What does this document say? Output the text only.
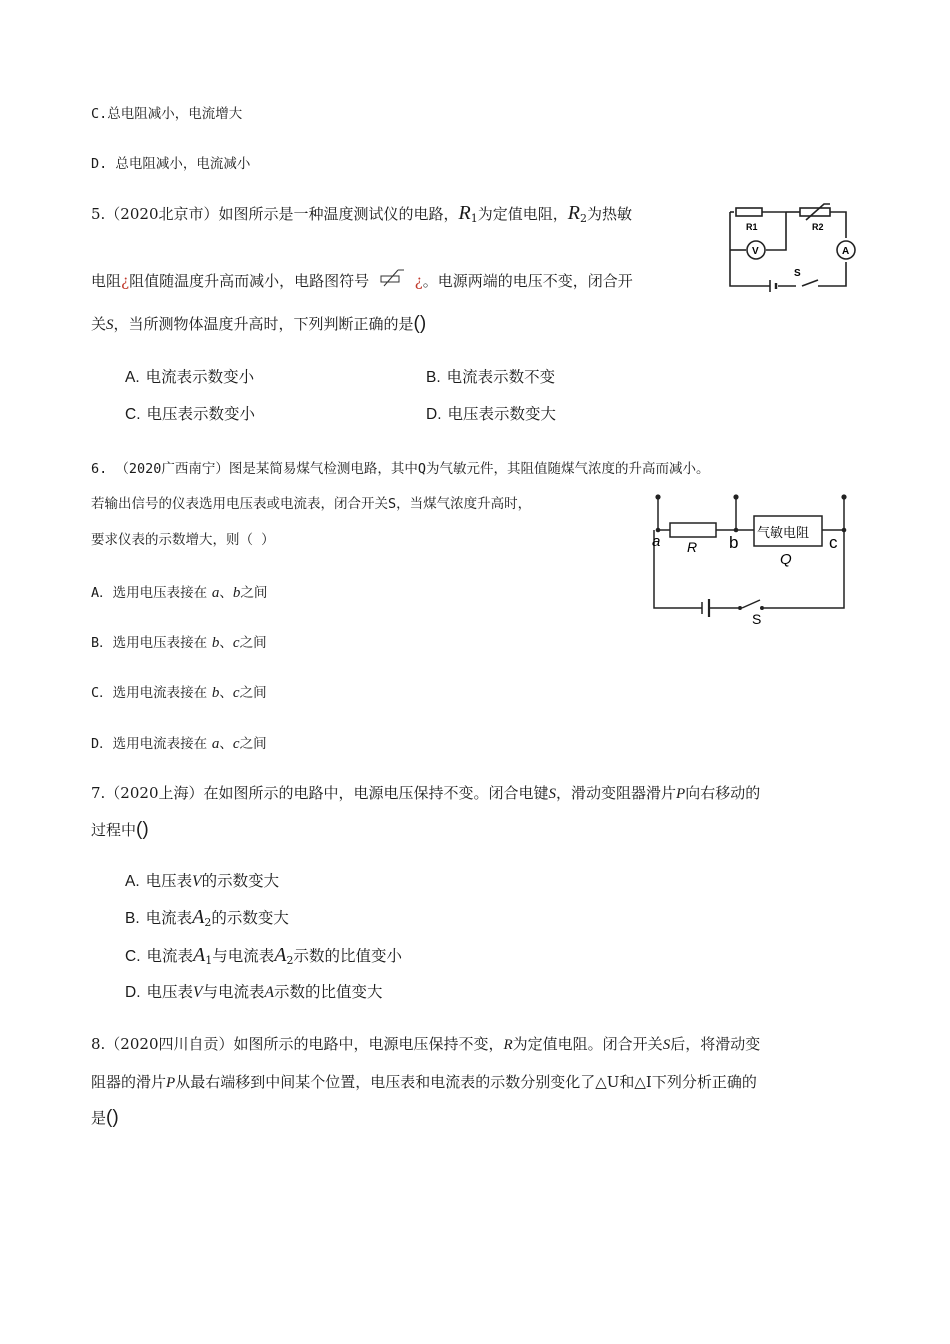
C.总电阻减小，电流增大
D. 总电阻减小，电流减小
5.（2020北京市）如图所示是一种温度测试仪的电路，$R_1$为定值电阻，$R_2$为热敏
电阻¿阻值随温度升高而减小，电路图符号	¿。电源两端的电压不变，闭合开
关S，当所测物体温度升高时，下列判断正确的是()
A. 电流表示数变小	B. 电流表示数不变
C. 电压表示数变小	D. 电压表示数变大
R1	R2
V	A
S
6. （2020广西南宁）图是某简易煤气检测电路，其中Q为气敏元件，其阻值随煤气浓度的升高而减小。
若输出信号的仪表选用电压表或电流表，闭合开关S，当煤气浓度升高时，
要求仪表的示数增大，则（ ）
A．选用电压表接在 a、b之间
B．选用电压表接在 b、c之间
C．选用电流表接在 b、c之间
D．选用电流表接在 a、c之间
a	b	c
R
气敏电阻
Q
S
7.（2020上海）在如图所示的电路中，电源电压保持不变。闭合电键S，滑动变阻器滑片P向右移动的
过程中()
A. 电压表V的示数变大
B. 电流表$A_2$的示数变大
C. 电流表$A_1$与电流表$A_2$示数的比值变小
D. 电压表V与电流表A示数的比值变大
8.（2020四川自贡）如图所示的电路中，电源电压保持不变，R为定值电阻。闭合开关S后，将滑动变
阻器的滑片P从最右端移到中间某个位置，电压表和电流表的示数分别变化了△U和△I下列分析正确的
是()
